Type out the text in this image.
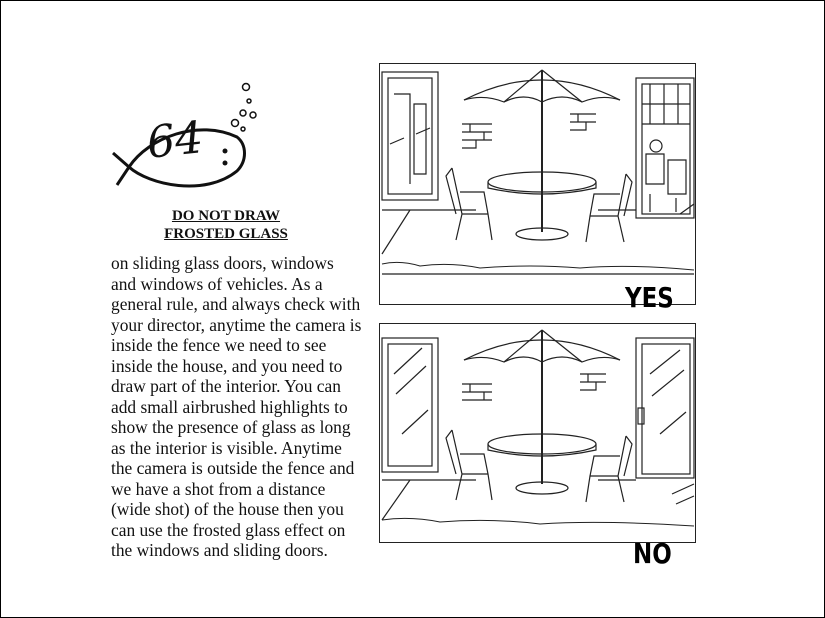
64
DO NOT DRAW
FROSTED GLASS
on sliding glass doors, windows
and windows of vehicles. As a
general rule, and always check with
your director, anytime the camera is
inside the fence we need to see
inside the house, and you need to
draw part of the interior. You can
add small airbrushed highlights to
show the presence of glass as long
as the interior is visible. Anytime
the camera is outside the fence and
we have a shot from a distance
(wide shot) of the house then you
can use the frosted glass effect on
the windows and sliding doors.
YES
NO
